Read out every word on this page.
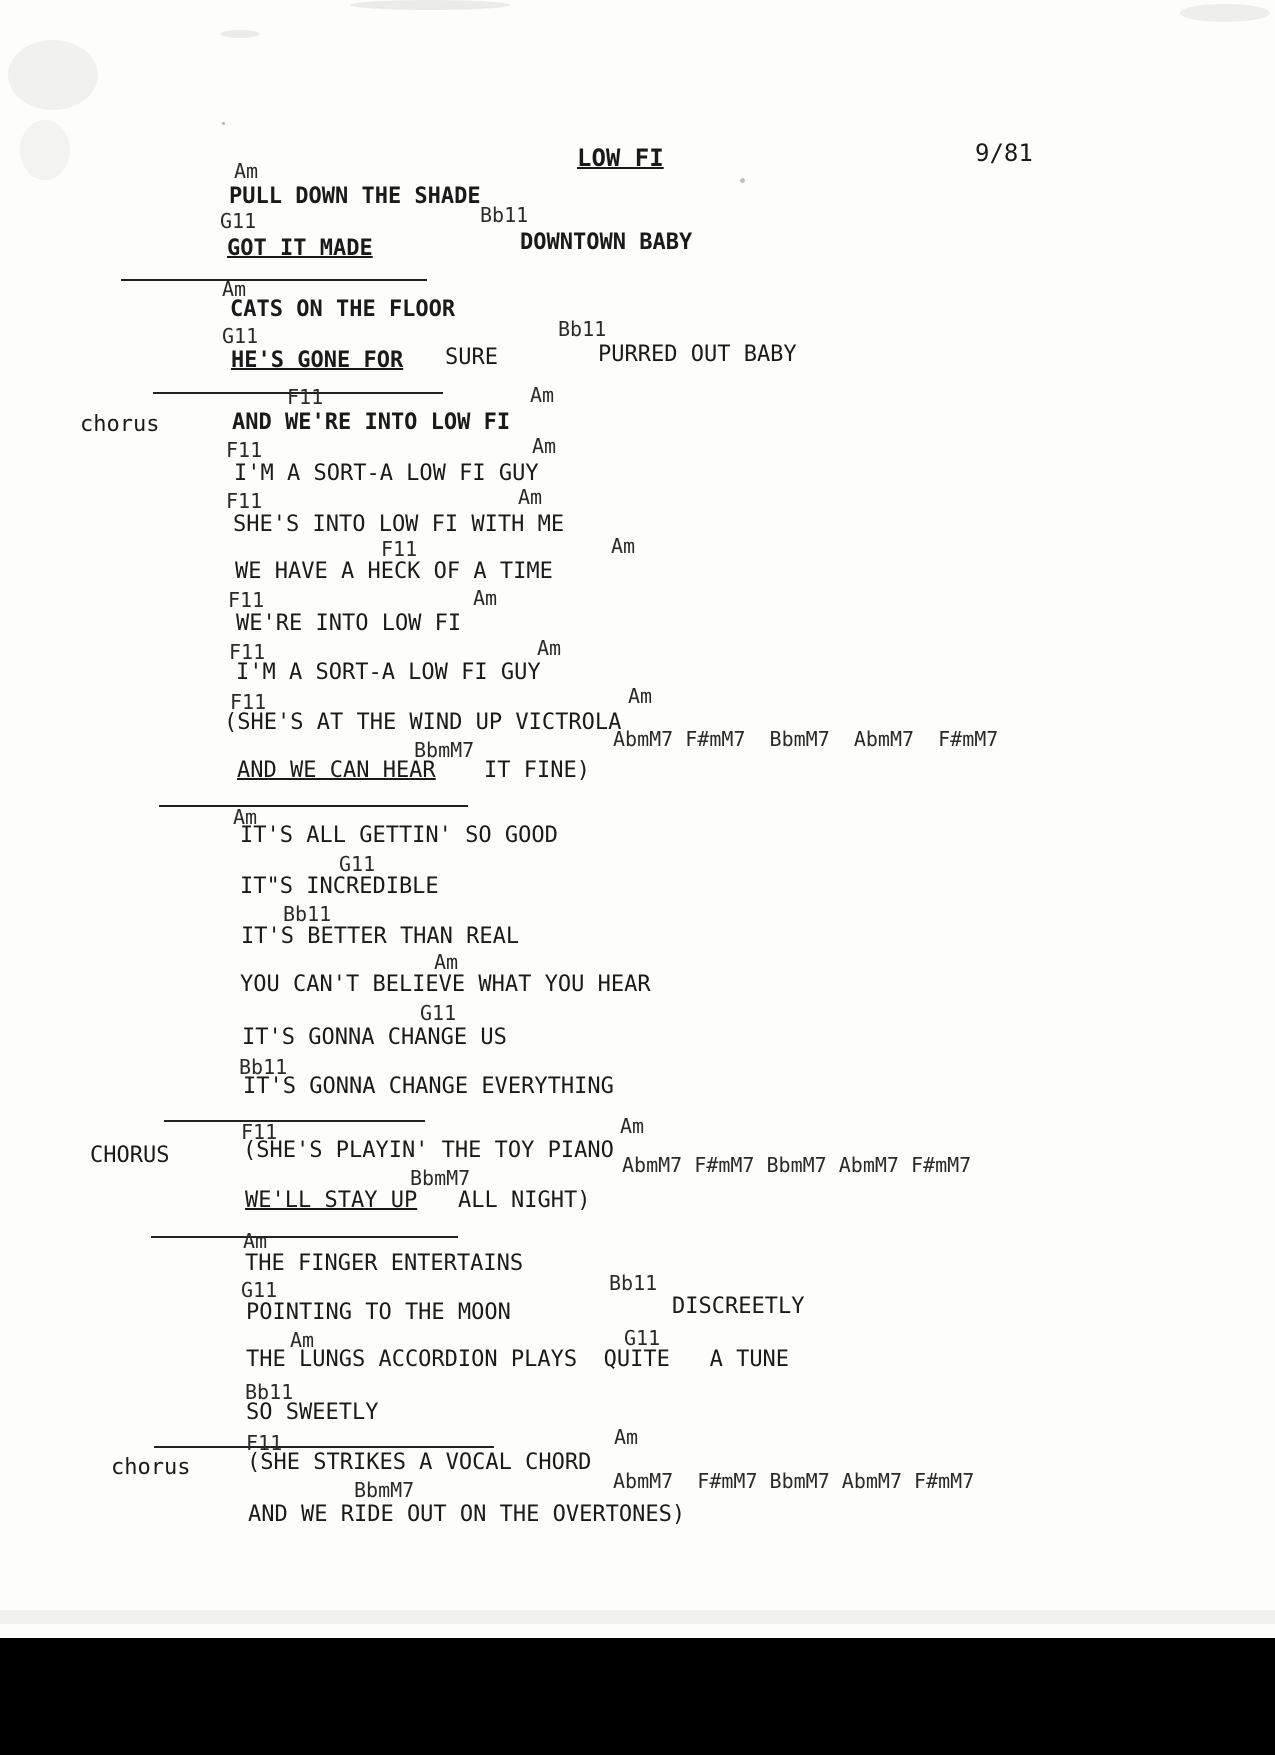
LOW FI	9/81
Am
PULL DOWN THE SHADE
G11	Bb11
GOT IT MADE	DOWNTOWN BABY
Am
CATS ON THE FLOOR
G11	Bb11
HE'S GONE FOR SURE	PURRED OUT BABY
F11	Am
AND WE'RE INTO LOW FI
F11	Am
I'M A SORT-A LOW FI GUY
F11	Am
SHE'S INTO LOW FI WITH ME
F11	Am
WE HAVE A HECK OF A TIME
F11	Am
WE'RE INTO LOW FI
F11	Am
I'M A SORT-A LOW FI GUY
F11	Am
(SHE'S AT THE WIND UP VICTROLA
BbmM7	AbmM7 F#mM7  BbmM7  AbmM7  F#mM7
AND WE CAN HEAR IT FINE)
Am
IT'S ALL GETTIN' SO GOOD
G11
IT"S INCREDIBLE
Bb11
IT'S BETTER THAN REAL
Am
YOU CAN'T BELIEVE WHAT YOU HEAR
G11
IT'S GONNA CHANGE US
Bb11
IT'S GONNA CHANGE EVERYTHING
F11	Am
(SHE'S PLAYIN' THE TOY PIANO
BbmM7
AbmM7 F#mM7 BbmM7 AbmM7 F#mM7
WE'LL STAY UP ALL NIGHT)
Am
THE FINGER ENTERTAINS
G11	Bb11
POINTING TO THE MOON	DISCREETLY
Am	G11
THE LUNGS ACCORDION PLAYS  QUITE   A TUNE
Bb11
SO SWEETLY
F11	Am
(SHE STRIKES A VOCAL CHORD
BbmM7	AbmM7  F#mM7 BbmM7 AbmM7 F#mM7
AND WE RIDE OUT ON THE OVERTONES)
chorus
CHORUS
chorus
